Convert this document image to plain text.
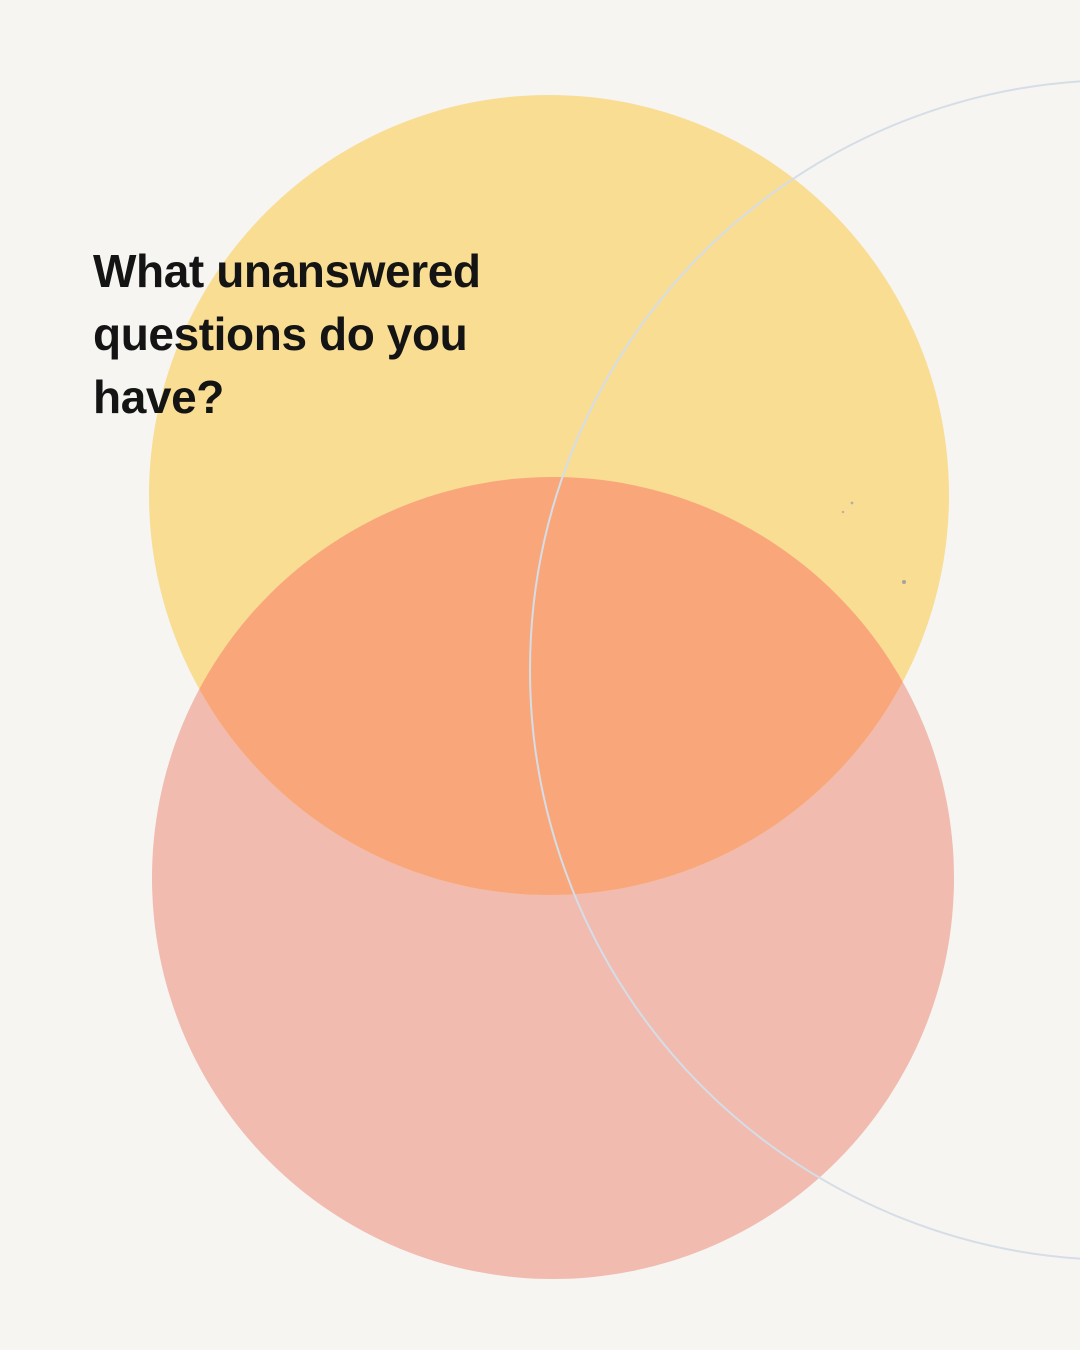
What unanswered
questions do you
have?
